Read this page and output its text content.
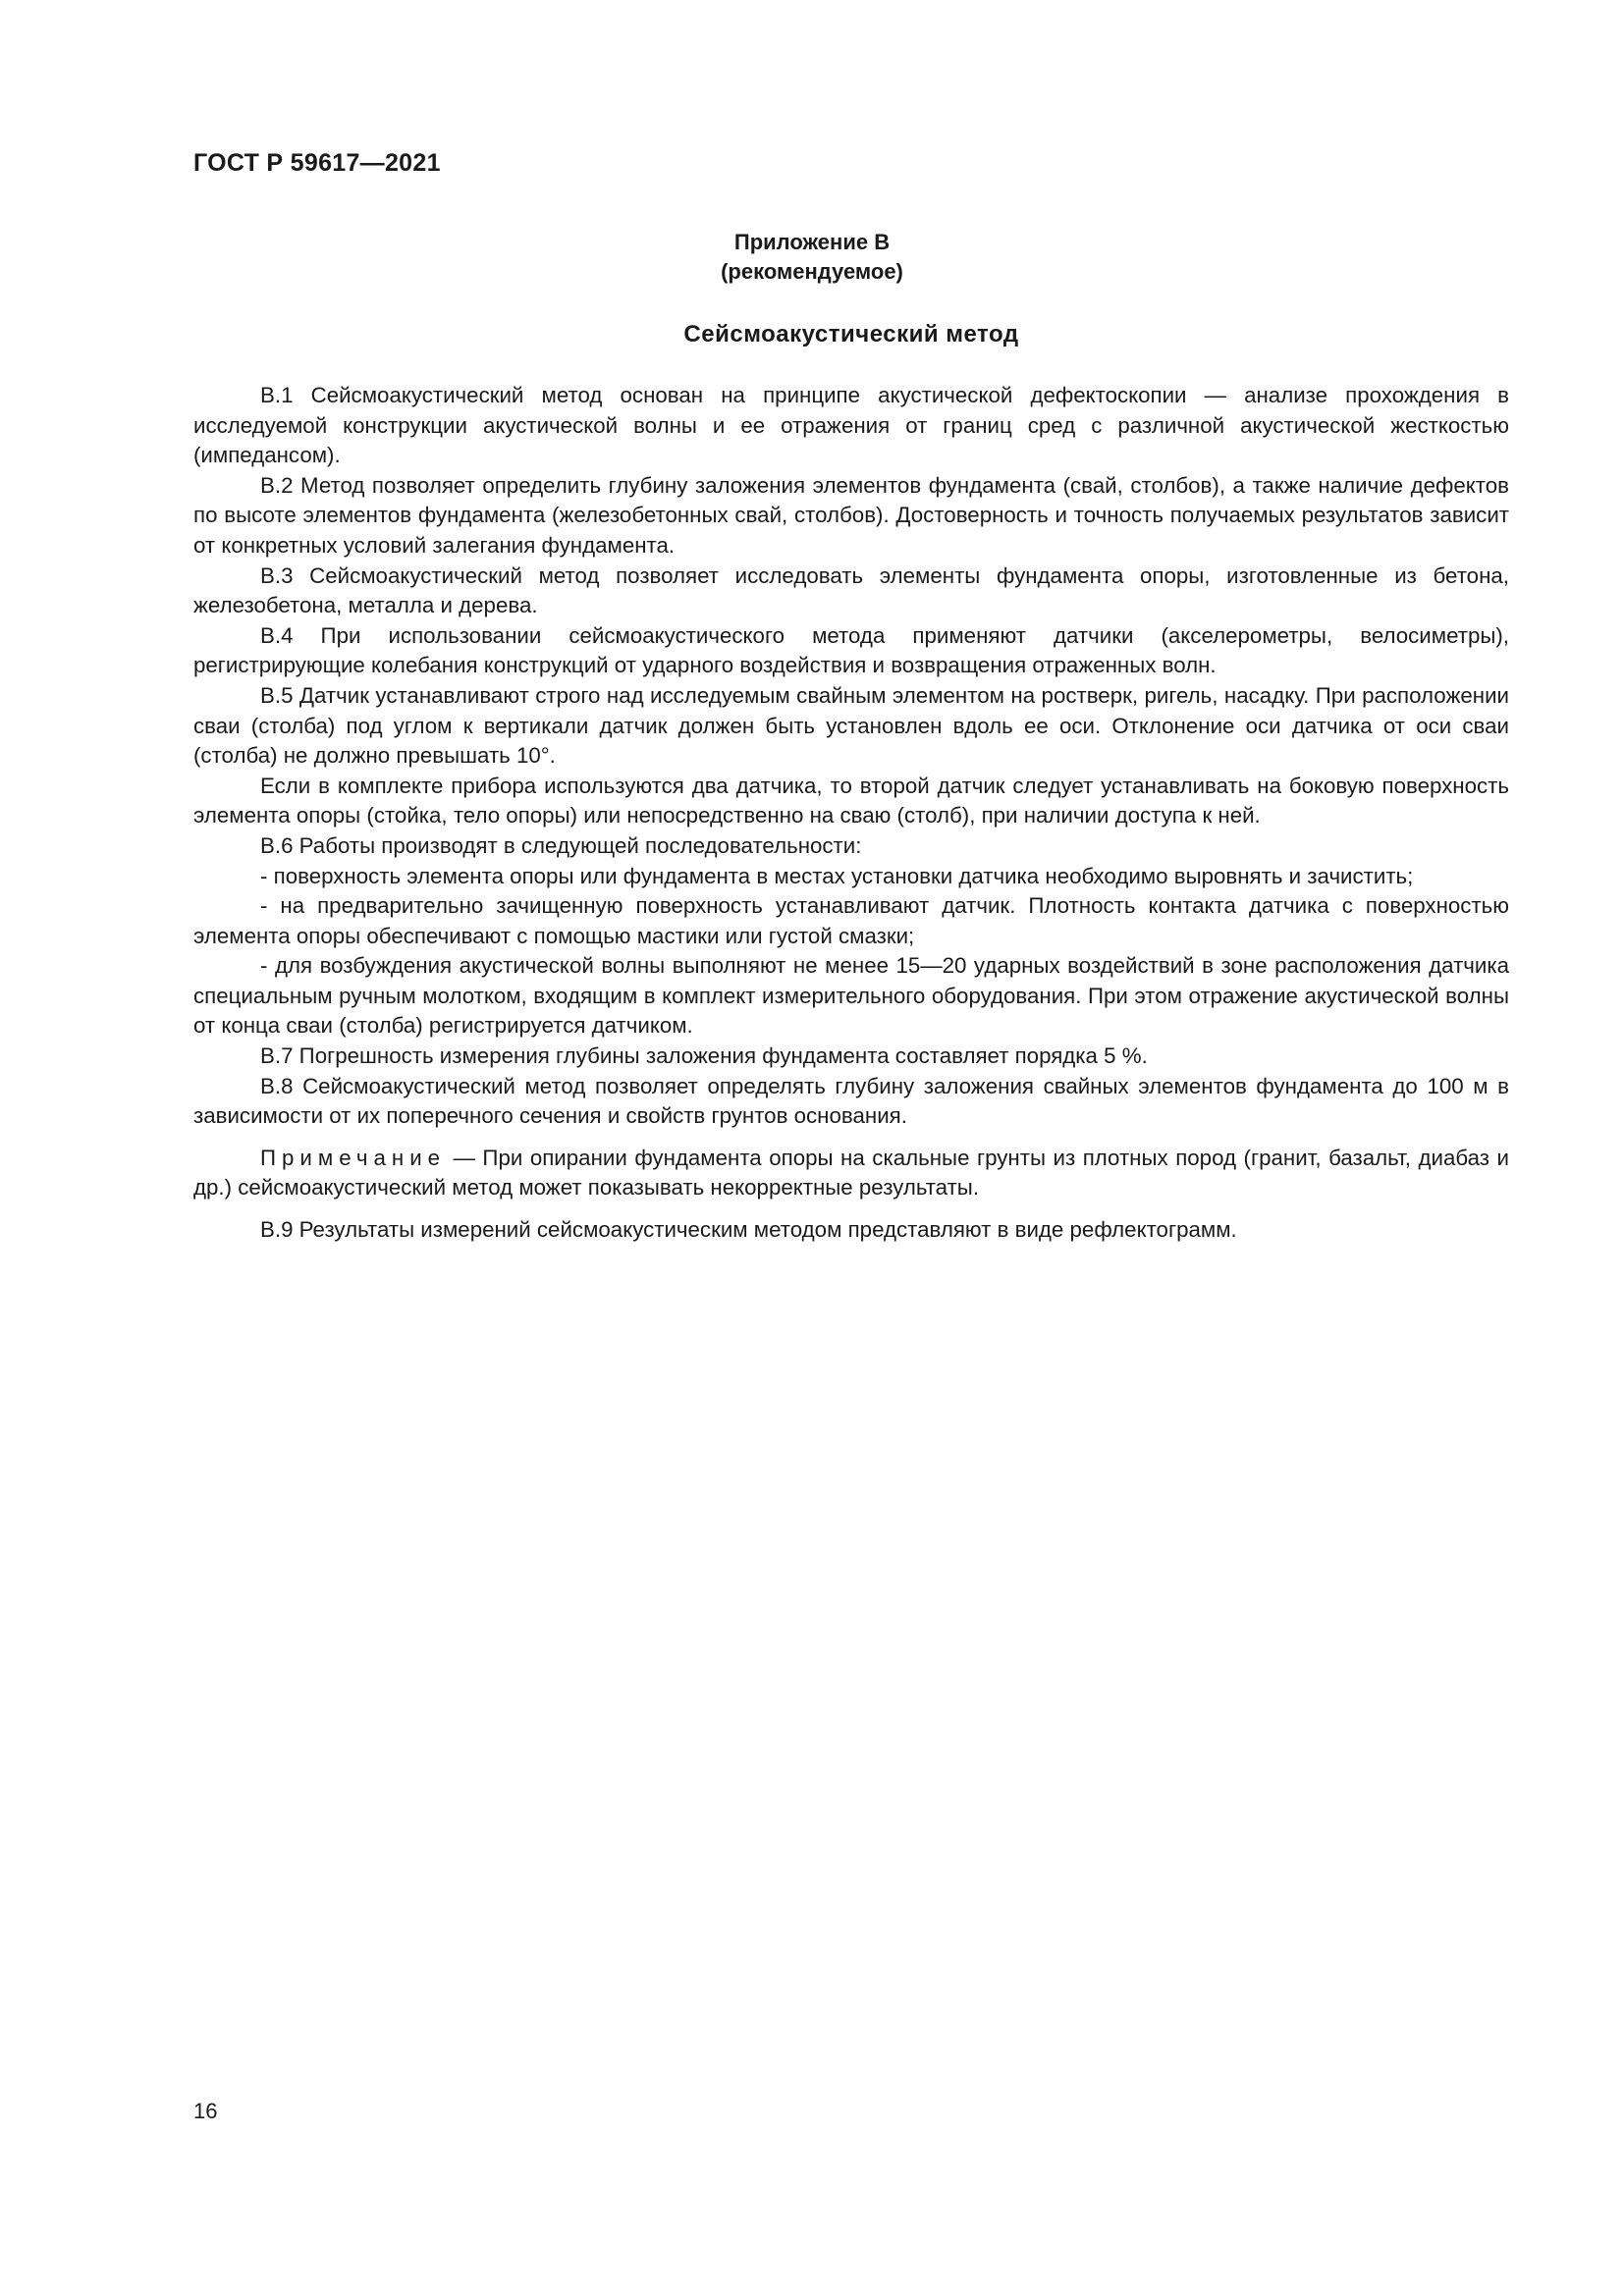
ГОСТ Р 59617—2021
Приложение В
(рекомендуемое)
Сейсмоакустический метод

В.1 Сейсмоакустический метод основан на принципе акустической дефектоскопии — анализе прохождения в исследуемой конструкции акустической волны и ее отражения от границ сред с различной акустической жесткостью (импедансом).

В.2 Метод позволяет определить глубину заложения элементов фундамента (свай, столбов), а также наличие дефектов по высоте элементов фундамента (железобетонных свай, столбов). Достоверность и точность получаемых результатов зависит от конкретных условий залегания фундамента.

В.3 Сейсмоакустический метод позволяет исследовать элементы фундамента опоры, изготовленные из бетона, железобетона, металла и дерева.

В.4 При использовании сейсмоакустического метода применяют датчики (акселерометры, велосиметры), регистрирующие колебания конструкций от ударного воздействия и возвращения отраженных волн.

В.5 Датчик устанавливают строго над исследуемым свайным элементом на ростверк, ригель, насадку. При расположении сваи (столба) под углом к вертикали датчик должен быть установлен вдоль ее оси. Отклонение оси датчика от оси сваи (столба) не должно превышать 10°.

Если в комплекте прибора используются два датчика, то второй датчик следует устанавливать на боковую поверхность элемента опоры (стойка, тело опоры) или непосредственно на сваю (столб), при наличии доступа к ней.

В.6 Работы производят в следующей последовательности:

- поверхность элемента опоры или фундамента в местах установки датчика необходимо выровнять и зачистить;

- на предварительно зачищенную поверхность устанавливают датчик. Плотность контакта датчика с поверхностью элемента опоры обеспечивают с помощью мастики или густой смазки;

- для возбуждения акустической волны выполняют не менее 15—20 ударных воздействий в зоне расположения датчика специальным ручным молотком, входящим в комплект измерительного оборудования. При этом отражение акустической волны от конца сваи (столба) регистрируется датчиком.

В.7 Погрешность измерения глубины заложения фундамента составляет порядка 5 %.

В.8 Сейсмоакустический метод позволяет определять глубину заложения свайных элементов фундамента до 100 м в зависимости от их поперечного сечения и свойств грунтов основания.

Примечание — При опирании фундамента опоры на скальные грунты из плотных пород (гранит, базальт, диабаз и др.) сейсмоакустический метод может показывать некорректные результаты.

В.9 Результаты измерений сейсмоакустическим методом представляют в виде рефлектограмм.

16
